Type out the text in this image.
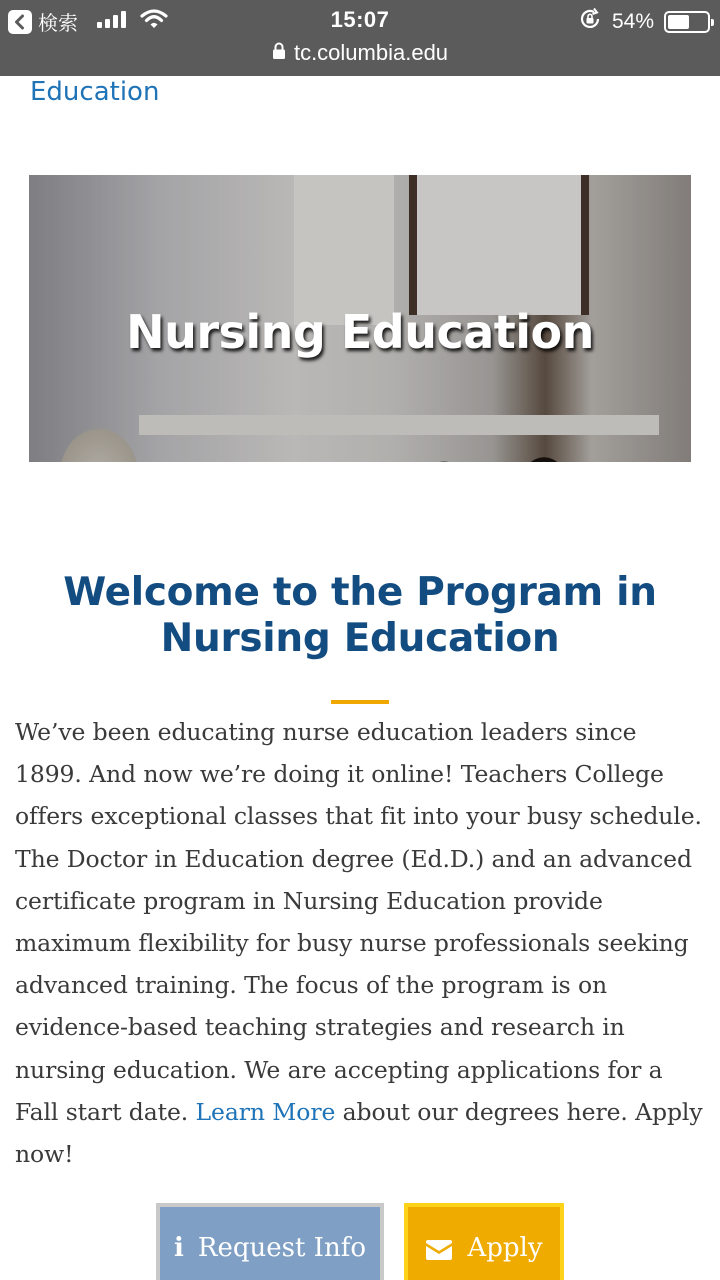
検索	15:07	54%
tc.columbia.edu
Education
Nursing Education
Welcome to the Program in Nursing Education

We’ve been educating nurse education leaders since 1899. And now we’re doing it online! Teachers College offers exceptional classes that fit into your busy schedule. The Doctor in Education degree (Ed.D.) and an advanced certificate program in Nursing Education provide maximum flexibility for busy nurse professionals seeking advanced training. The focus of the program is on evidence-based teaching strategies and research in nursing education. We are accepting applications for a Fall start date. Learn More about our degrees here. Apply now!

i Request Info	Apply
